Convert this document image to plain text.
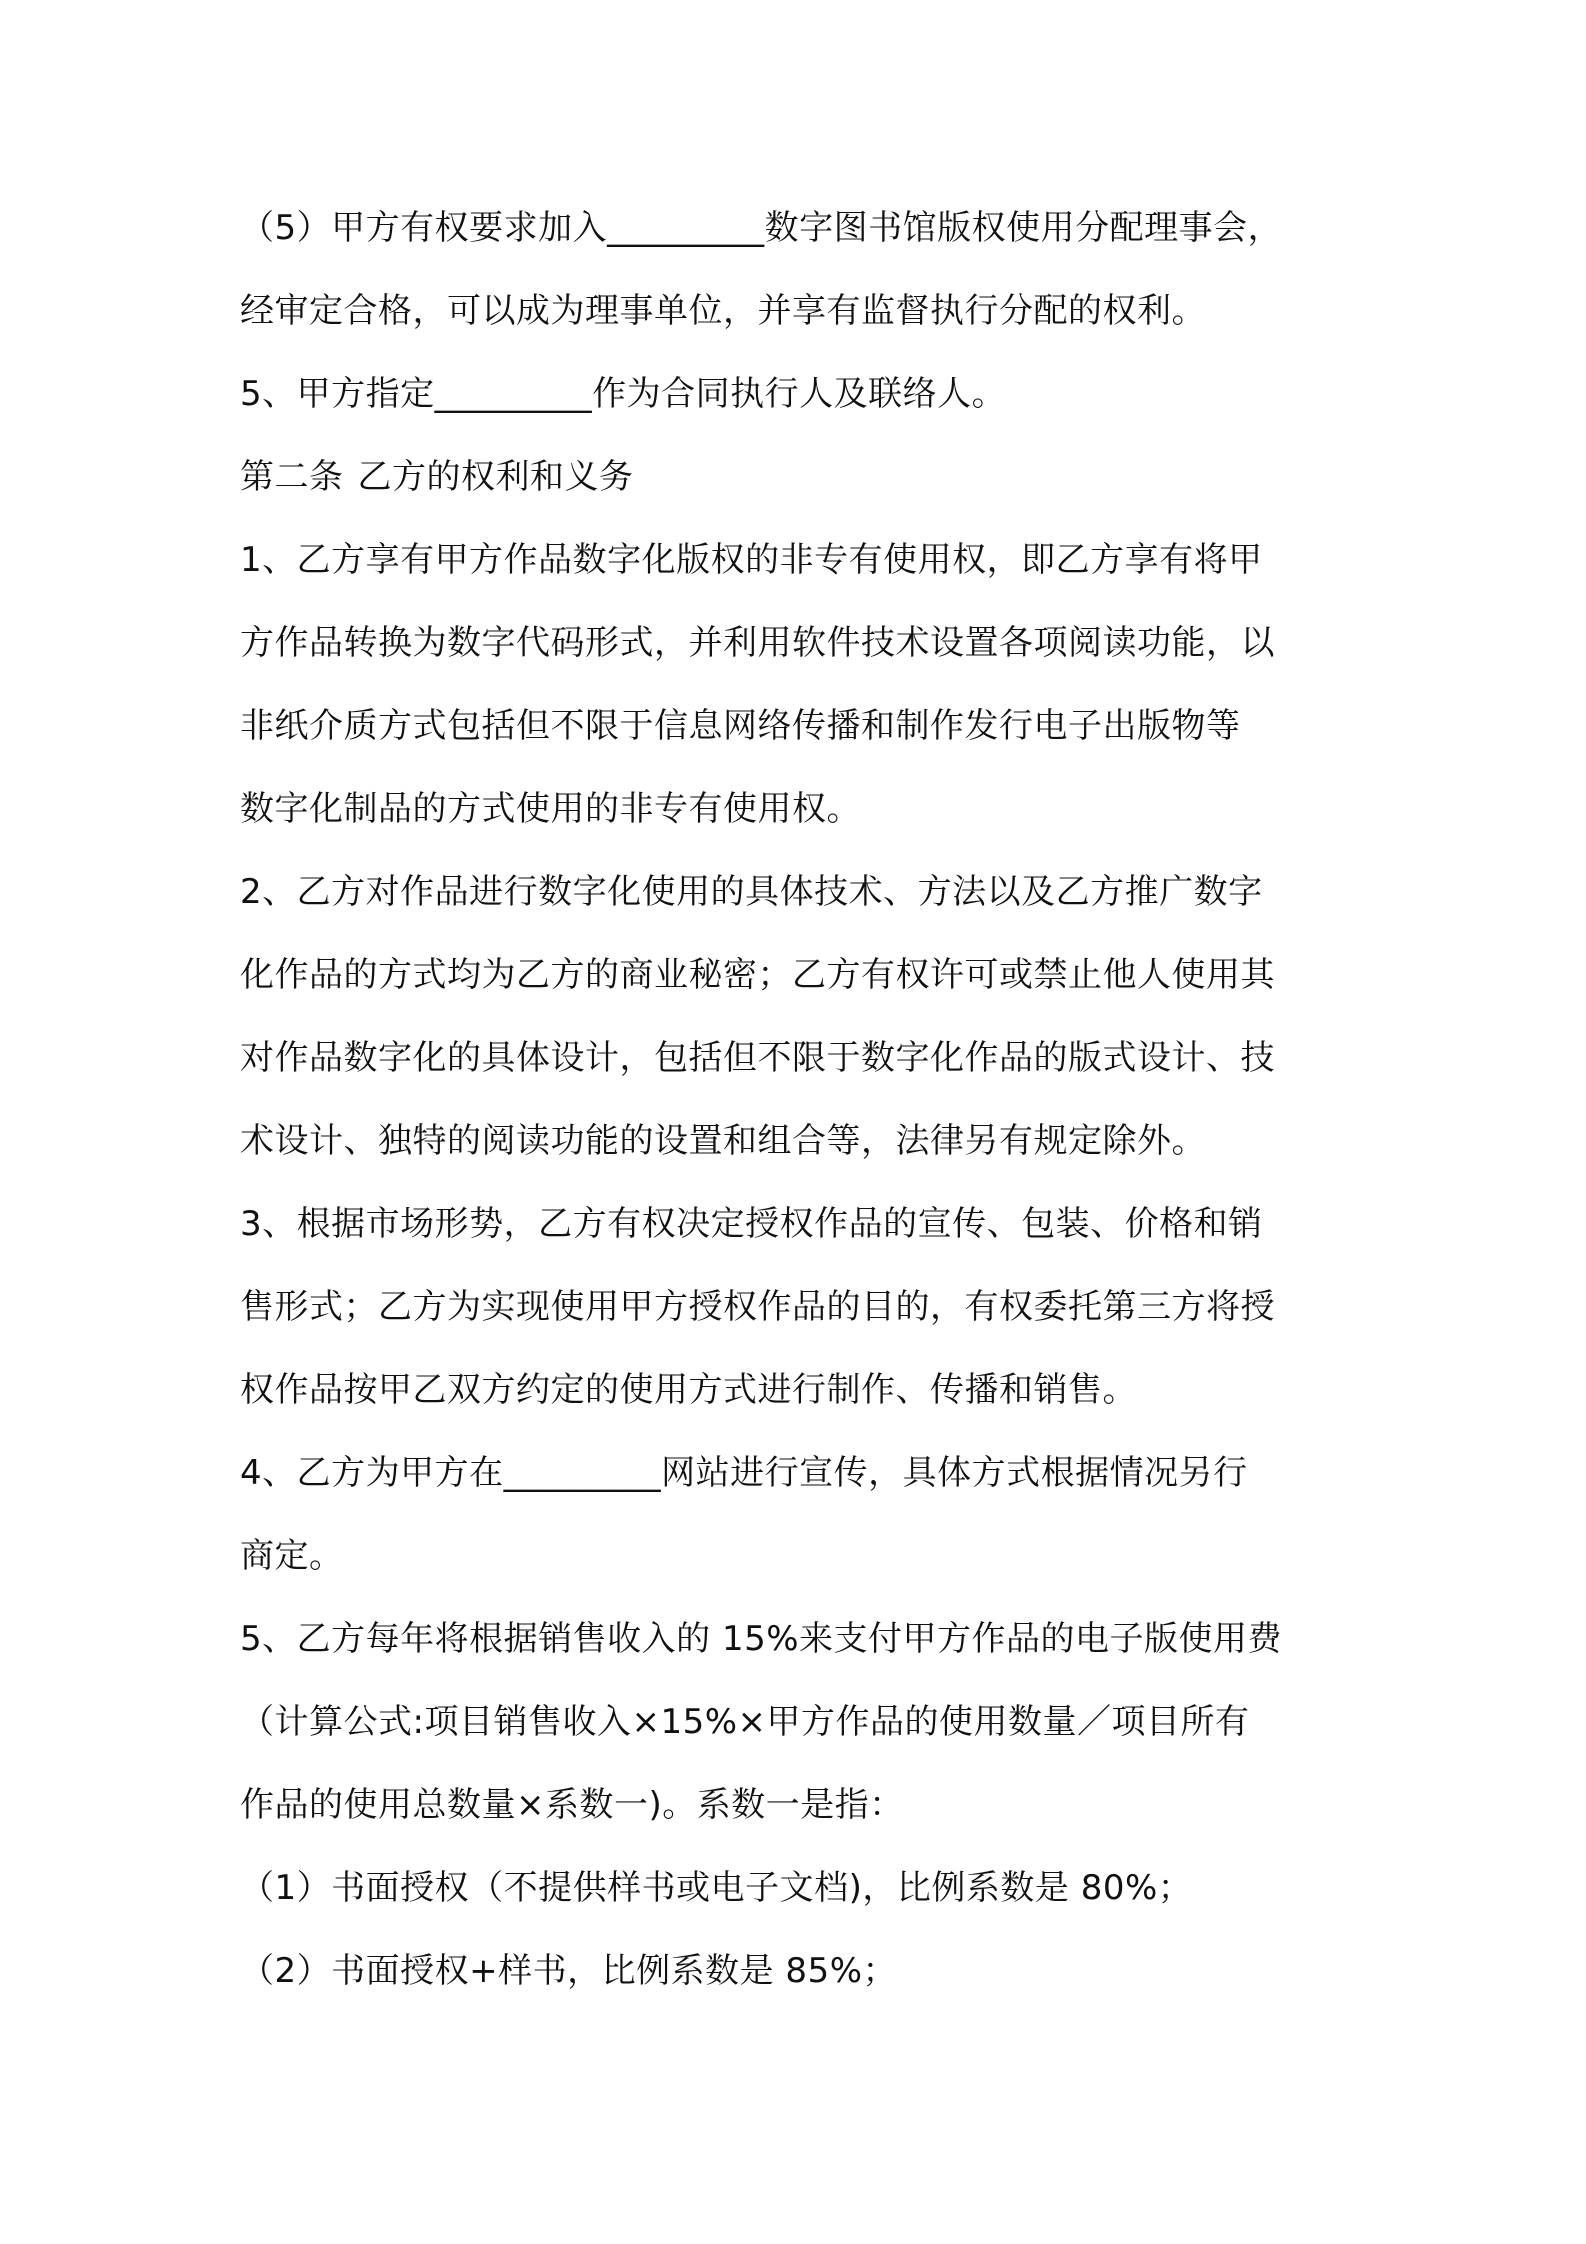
（5）甲方有权要求加入_________数字图书馆版权使用分配理事会，
经审定合格，可以成为理事单位，并享有监督执行分配的权利。
5、甲方指定_________作为合同执行人及联络人。
第二条 乙方的权利和义务
1、乙方享有甲方作品数字化版权的非专有使用权，即乙方享有将甲
方作品转换为数字代码形式，并利用软件技术设置各项阅读功能，以
非纸介质方式包括但不限于信息网络传播和制作发行电子出版物等
数字化制品的方式使用的非专有使用权。
2、乙方对作品进行数字化使用的具体技术、方法以及乙方推广数字
化作品的方式均为乙方的商业秘密；乙方有权许可或禁止他人使用其
对作品数字化的具体设计，包括但不限于数字化作品的版式设计、技
术设计、独特的阅读功能的设置和组合等，法律另有规定除外。
3、根据市场形势，乙方有权决定授权作品的宣传、包装、价格和销
售形式；乙方为实现使用甲方授权作品的目的，有权委托第三方将授
权作品按甲乙双方约定的使用方式进行制作、传播和销售。
4、乙方为甲方在_________网站进行宣传，具体方式根据情况另行
商定。
5、乙方每年将根据销售收入的 15%来支付甲方作品的电子版使用费
（计算公式:项目销售收入×15%×甲方作品的使用数量／项目所有
作品的使用总数量×系数一)。系数一是指：
（1）书面授权（不提供样书或电子文档)，比例系数是 80%；
（2）书面授权+样书，比例系数是 85%；
